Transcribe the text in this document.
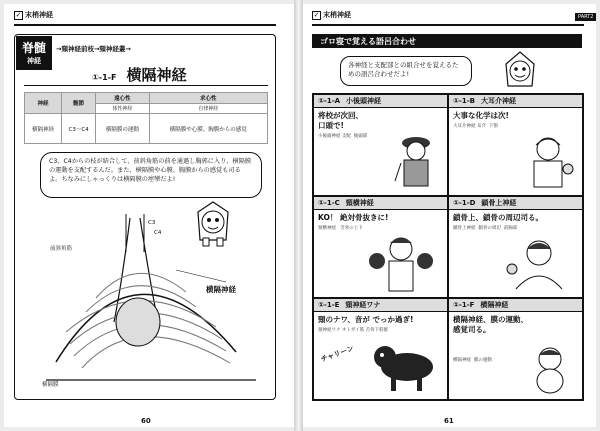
✓ 末梢神経
脊髄
神経
→頸神経前枝→頸神経叢→
①-1-F 横隔神経
神経	髄節	遠心性	求心性
		体性神経	自律神経
横隔神経	C3〜C4	横隔膜の運動	横隔膜や心膜、胸膜からの感覚
C3、C4からの枝が結合して、前斜角筋の前を通過し胸郭に入り、横隔膜の運動を支配するんだ。また、横隔膜や心膜、胸膜からの感覚も司るよ。ちなみにしゃっくりは横隔膜の痙攣だよ!
C3
C4
前斜角筋
横隔神経
横隔膜
60
✓ 末梢神経	PART2
ゴロ寝で覚える語呂合わせ
各神経と支配部との組合せを覚えるための語呂合わせだよ!
①-1-A 小後頭神経
将校が次回、
口頭で!
小後頭神経 支配  後頭部
①-1-B 大耳介神経
大事な化学は次!
大耳介神経 耳介  下顎
①-1-C 頸横神経
KO！ 絶対骨抜きに!
頸横神経   舌骨の上下
①-1-D 鎖骨上神経
鎖骨上、鎖骨の周辺司る。
鎖骨上神経  鎖骨の周辺  前胸部
①-1-E 頸神経ワナ
頸のナワ、音が でっか過ぎ!
頸神経ワナ オトガイ筋 舌骨下筋群
チャリーン
①-1-F 横隔神経
横隔神経、膜の運動、
感覚司る。
横隔神経  膜の運動
61
